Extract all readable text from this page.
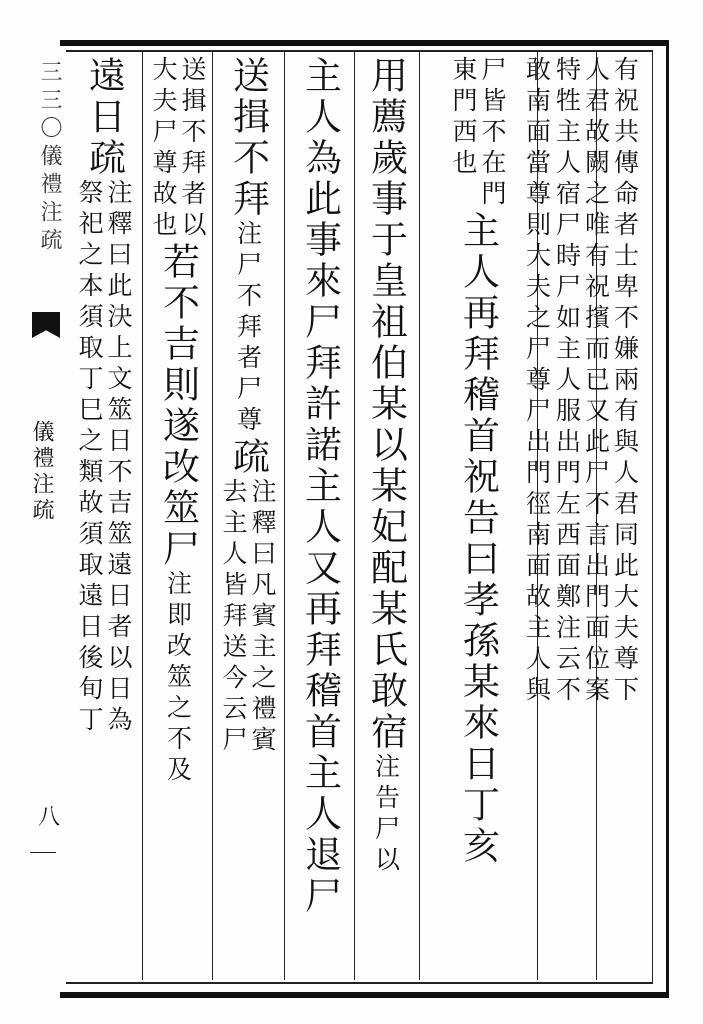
三三〇儀禮注疏
儀禮注疏
八
有祝共傳命者士卑不嫌兩有與人君同此大夫尊下
人君故闕之唯有祝擯而已又此尸不言出門面位案
特牲主人宿尸時尸如主人服出門左西面鄭注云不
敢南面當尊則大夫之尸尊尸出門徑南面故主人與
尸皆不在門
東門西也
主人再拜稽首祝告曰孝孫某來日丁亥
用薦歲事于皇祖伯某以某妃配某氏敢宿
注告尸以
主人為此事來尸拜許諾主人又再拜稽首主人退尸
送揖不拜
注尸不拜者尸尊
疏
注釋曰凡賓主之禮賓
去主人皆拜送今云尸
送揖不拜者以
大夫尸尊故也
若不吉則遂改筮尸
注即改筮之不及
遠日
疏
注釋曰此決上文筮日不吉筮遠日者以日為
祭祀之本須取丁巳之類故須取遠日後旬丁
